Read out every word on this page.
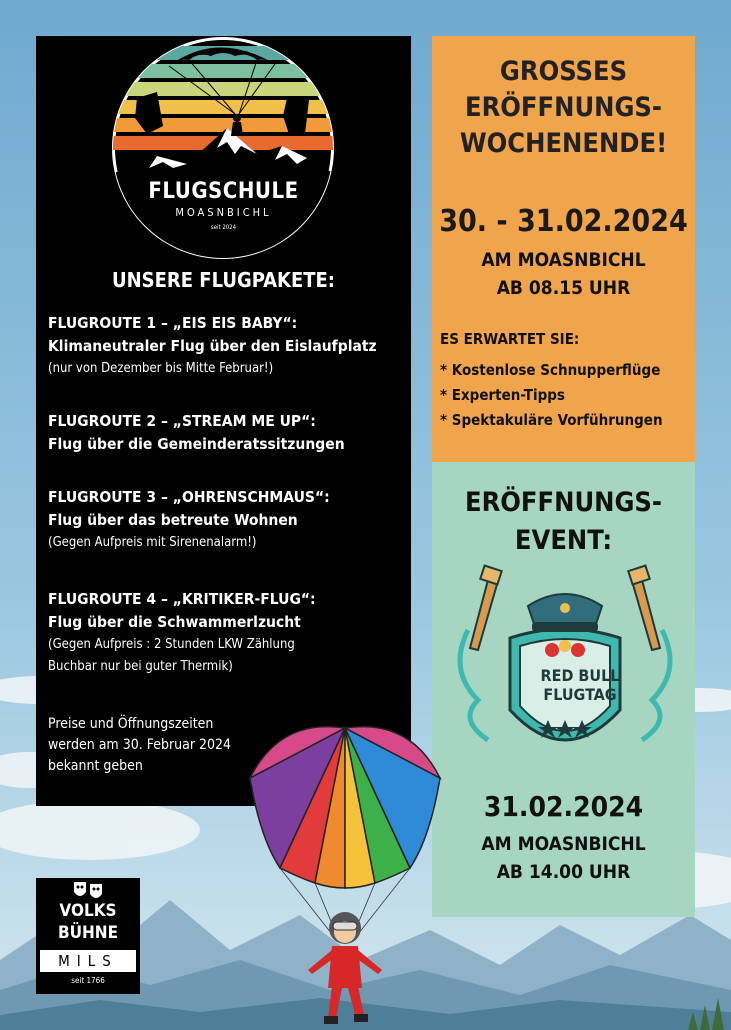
FLUGSCHULE
MOASNBICHL
seit 2024
UNSERE FLUGPAKETE:
FLUGROUTE 1 – „EIS EIS BABY“:
Klimaneutraler Flug über den Eislaufplatz
(nur von Dezember bis Mitte Februar!)
FLUGROUTE 2 – „STREAM ME UP“:
Flug über die Gemeinderatssitzungen
FLUGROUTE 3 – „OHRENSCHMAUS“:
Flug über das betreute Wohnen
(Gegen Aufpreis mit Sirenenalarm!)
FLUGROUTE 4 – „KRITIKER-FLUG“:
Flug über die Schwammerlzucht
(Gegen Aufpreis : 2 Stunden LKW Zählung
Buchbar nur bei guter Thermik)
Preise und Öffnungszeiten
werden am 30. Februar 2024
bekannt geben
GROSSES
ERÖFFNUNGS-
WOCHENENDE!
30. - 31.02.2024
AM MOASNBICHL
AB 08.15 UHR
ES ERWARTET SIE:
* Kostenlose Schnupperflüge
* Experten-Tipps
* Spektakuläre Vorführungen
ERÖFFNUNGS-
EVENT:
RED BULL
FLUGTAG
31.02.2024
AM MOASNBICHL
AB 14.00 UHR
VOLKS
BÜHNE
MILS
seit 1766
